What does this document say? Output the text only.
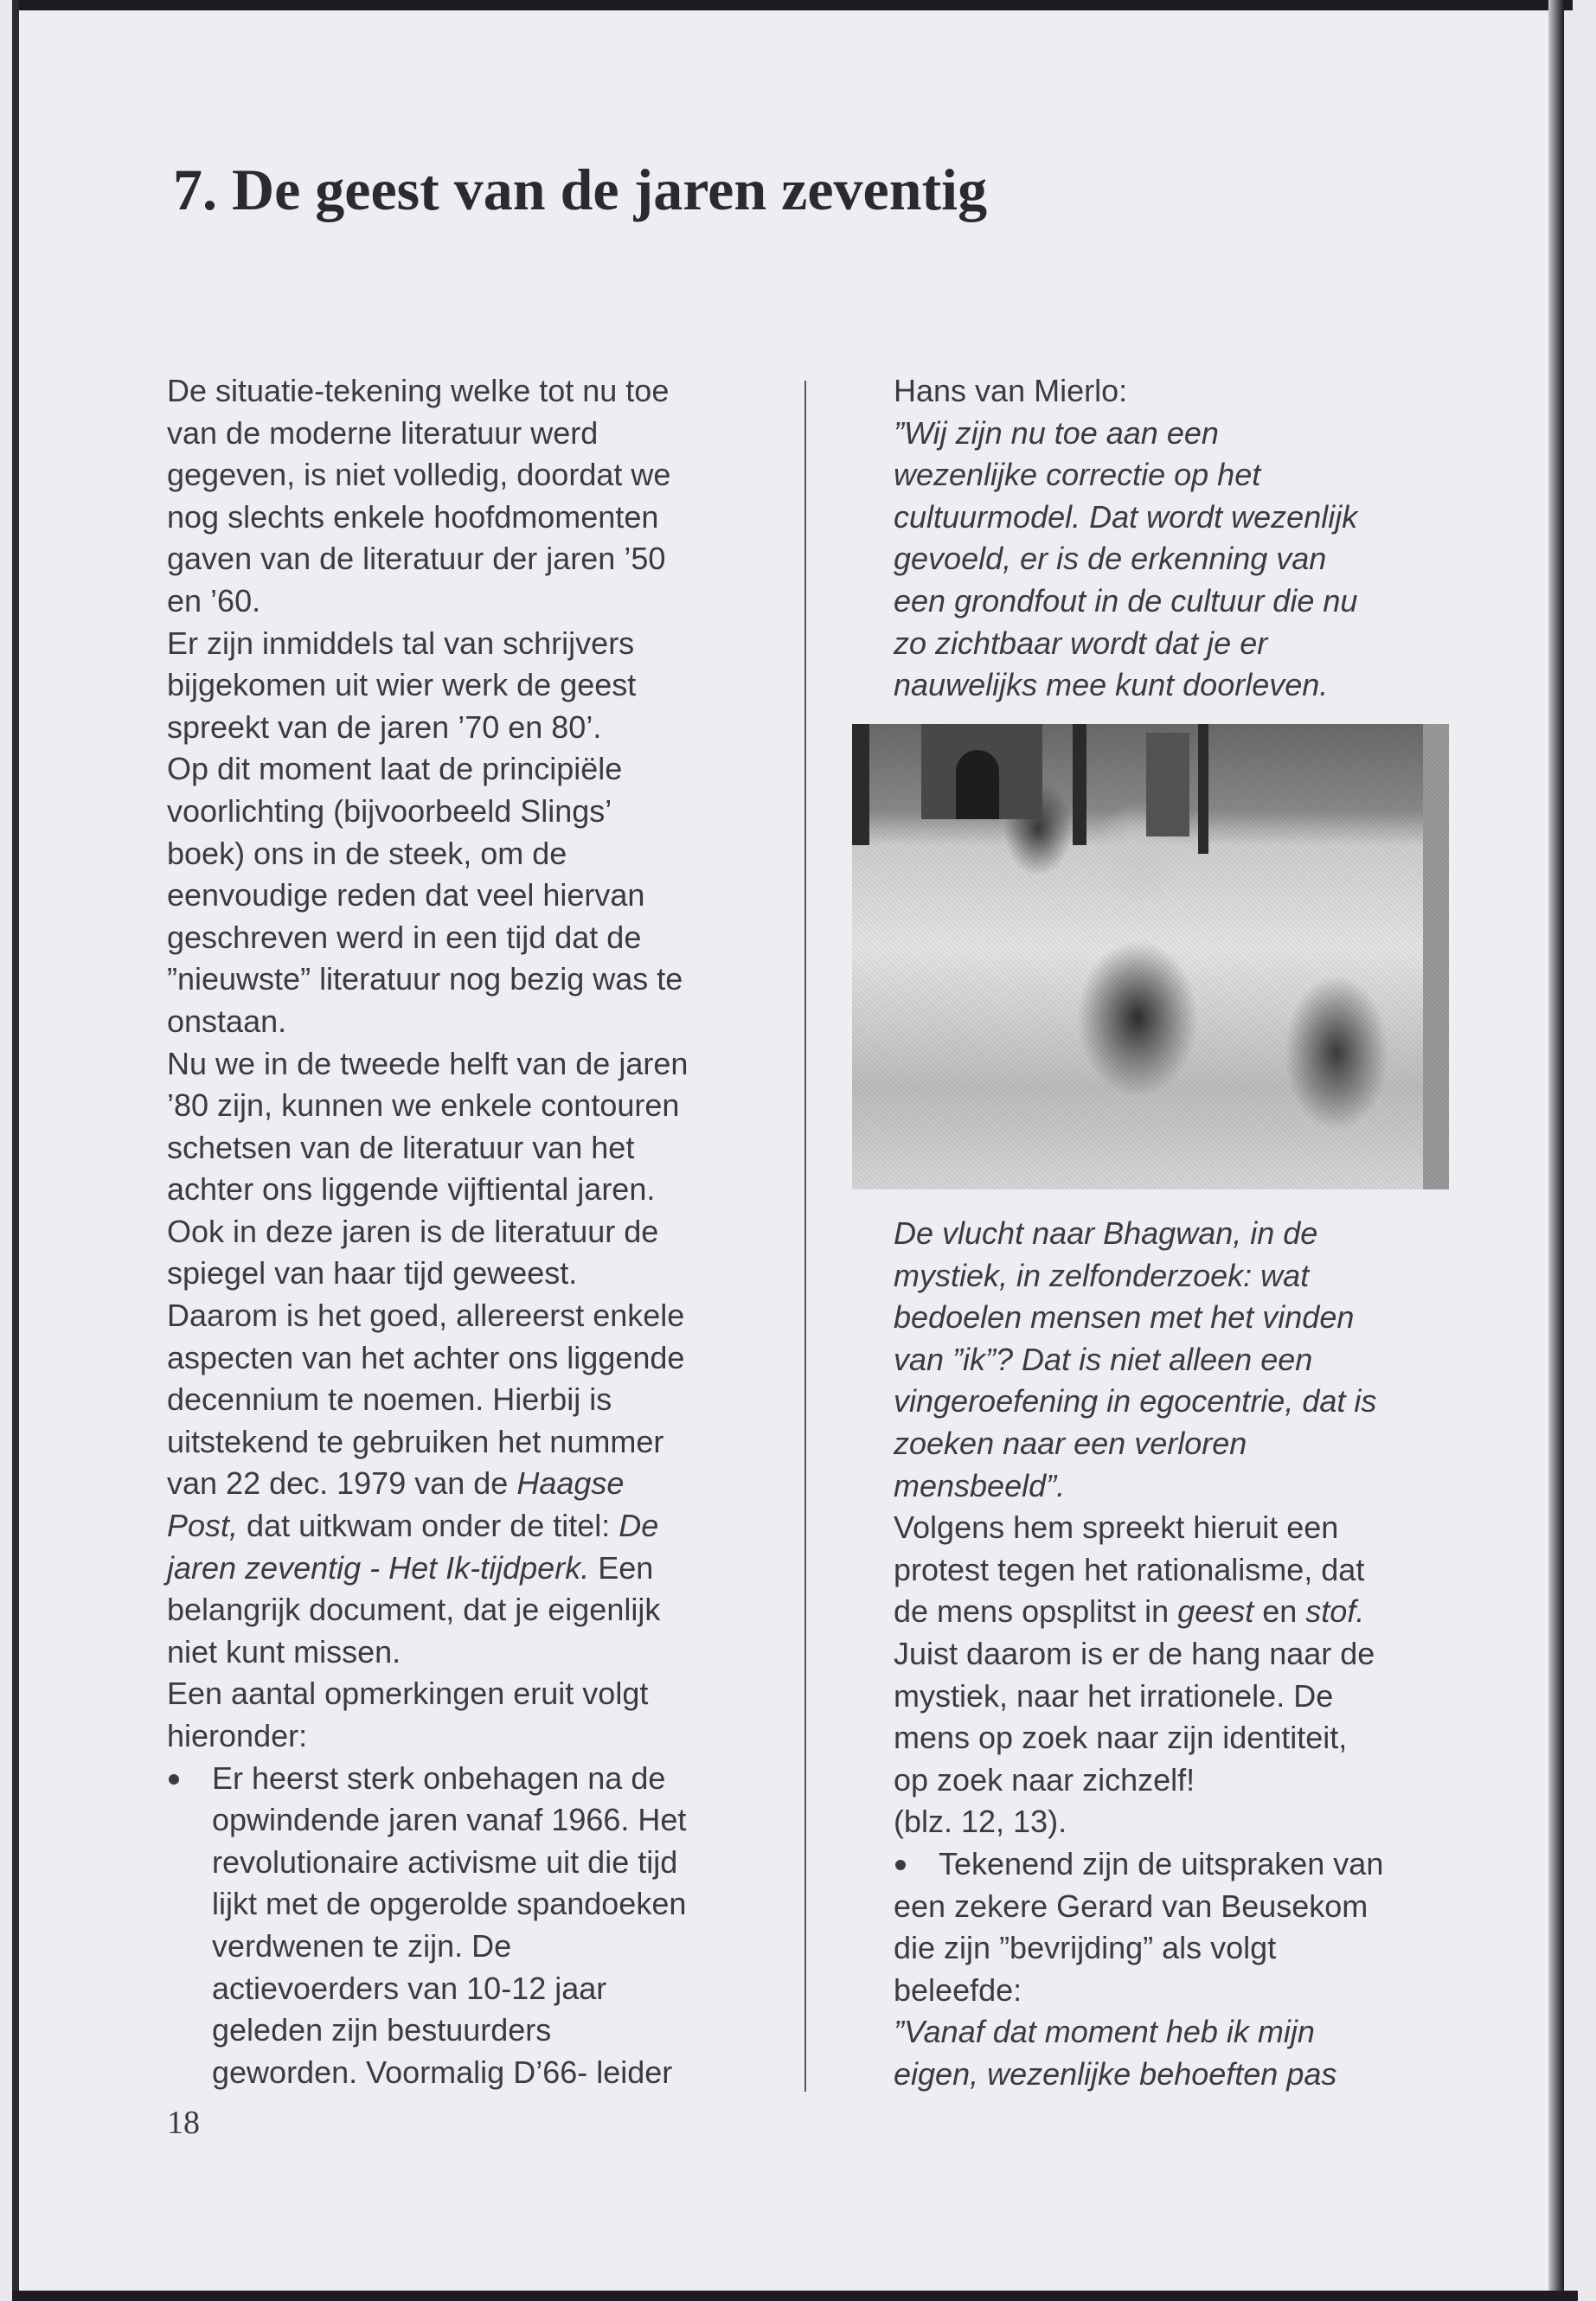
7. De geest van de jaren zeventig
De situatie-tekening welke tot nu toe
van de moderne literatuur werd
gegeven, is niet volledig, doordat we
nog slechts enkele hoofdmomenten
gaven van de literatuur der jaren ’50
en ’60.
Er zijn inmiddels tal van schrijvers
bijgekomen uit wier werk de geest
spreekt van de jaren ’70 en 80’.
Op dit moment laat de principiële
voorlichting (bijvoorbeeld Slings’
boek) ons in de steek, om de
eenvoudige reden dat veel hiervan
geschreven werd in een tijd dat de
”nieuwste” literatuur nog bezig was te
onstaan.
Nu we in de tweede helft van de jaren
’80 zijn, kunnen we enkele contouren
schetsen van de literatuur van het
achter ons liggende vijftiental jaren.
Ook in deze jaren is de literatuur de
spiegel van haar tijd geweest.
Daarom is het goed, allereerst enkele
aspecten van het achter ons liggende
decennium te noemen. Hierbij is
uitstekend te gebruiken het nummer
van 22 dec. 1979 van de Haagse
Post, dat uitkwam onder de titel: De
jaren zeventig - Het Ik-tijdperk. Een
belangrijk document, dat je eigenlijk
niet kunt missen.
Een aantal opmerkingen eruit volgt
hieronder:
Er heerst sterk onbehagen na de
opwindende jaren vanaf 1966. Het
revolutionaire activisme uit die tijd
lijkt met de opgerolde spandoeken
verdwenen te zijn. De
actievoerders van 10-12 jaar
geleden zijn bestuurders
geworden. Voormalig D’66- leider
Hans van Mierlo:
”Wij zijn nu toe aan een
wezenlijke correctie op het
cultuurmodel. Dat wordt wezenlijk
gevoeld, er is de erkenning van
een grondfout in de cultuur die nu
zo zichtbaar wordt dat je er
nauwelijks mee kunt doorleven.
De vlucht naar Bhagwan, in de
mystiek, in zelfonderzoek: wat
bedoelen mensen met het vinden
van ”ik”? Dat is niet alleen een
vingeroefening in egocentrie, dat is
zoeken naar een verloren
mensbeeld”.
Volgens hem spreekt hieruit een
protest tegen het rationalisme, dat
de mens opsplitst in geest en stof.
Juist daarom is er de hang naar de
mystiek, naar het irrationele. De
mens op zoek naar zijn identiteit,
op zoek naar zichzelf!
(blz. 12, 13).
Tekenend zijn de uitspraken van
een zekere Gerard van Beusekom
die zijn ”bevrijding” als volgt
beleefde:
”Vanaf dat moment heb ik mijn
eigen, wezenlijke behoeften pas
18
